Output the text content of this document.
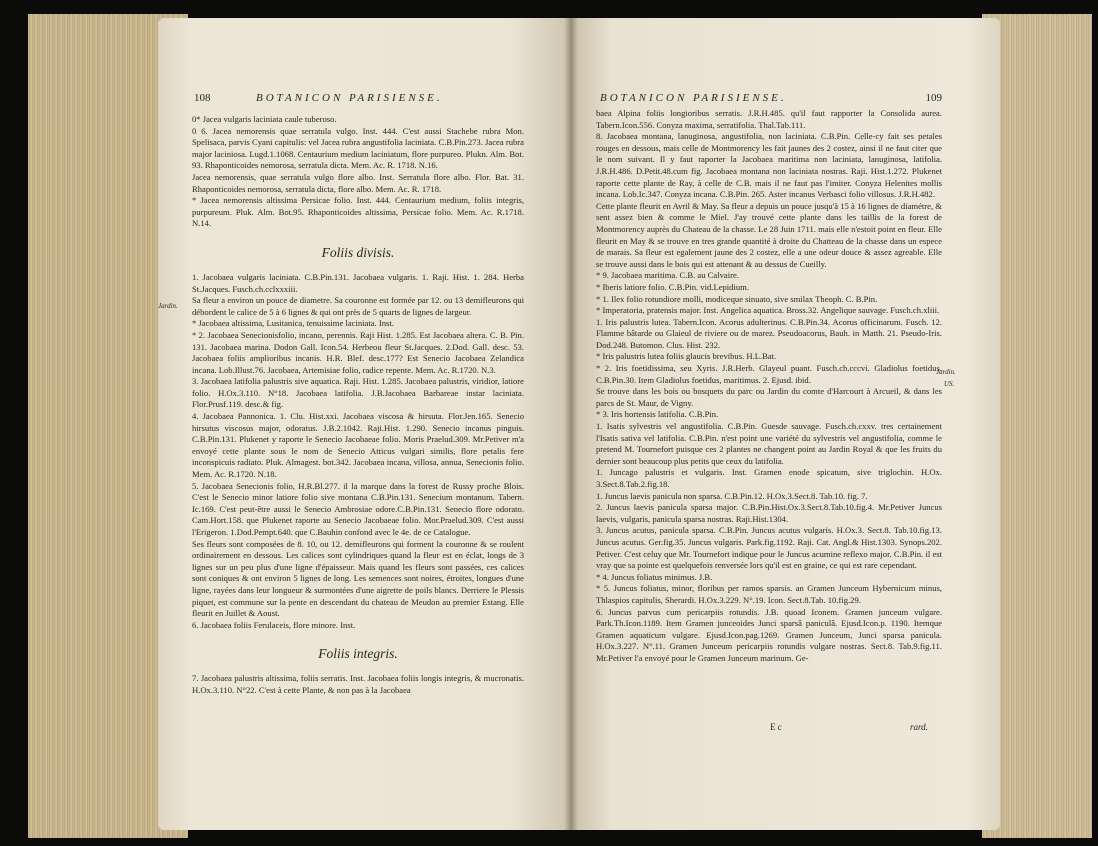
108	BOTANICON PARISIENSE.

0* Jacea vulgaris laciniata caule tuberoso.

0 6. Jacea nemorensis quae serratula vulgo. Inst. 444. C'est aussi Stachebe rubra Mon. Spelisaca, parvis Cyani capitulis: vel Jacea rubra angustifolia laciniata. C.B.Pin.273. Jacea rubra major laciniosa. Lugd.1.1068. Centaurium medium laciniatum, flore purpureo. Plukn. Alm. Bot. 93. Rhaponticoides nemorosa, serratula dicta. Mem. Ac. R. 1718. N.16.

Jacea nemorensis, quae serratula vulgo flore albo. Inst. Serratula flore albo. Flor. Bat. 31. Rhaponticoides nemorosa, serratula dicta, flore albo. Mem. Ac. R. 1718.

* Jacea nemorensis altissima Persicae folio. Inst. 444. Centaurium medium, foliis integris, purpureum. Pluk. Alm. Bot.95. Rhaponticoides altissima, Persicae folio. Mem. Ac. R.1718. N.14.

Foliis divisis.

1. Jacobaea vulgaris laciniata. C.B.Pin.131. Jacobaea vulgaris. 1. Raji. Hist. 1. 284. Herba St.Jacques. Fusch.ch.cclxxxiii.

Sa fleur a environ un pouce de diametre. Sa couronne est formée par 12. ou 13 demifleurons qui débordent le calice de 5 à 6 lignes & qui ont près de 5 quarts de lignes de largeur.

* Jacobaea altissima, Lusitanica, tenuissime laciniata. Inst.

* 2. Jacobaea Senecionisfolio, incano, perennis. Raji Hist. 1.285. Est Jacobaea altera. C. B. Pin. 131. Jacobaea marina. Dodon Gall. Icon.54. Herbeou fleur St.Jacques. 2.Dod. Gall. desc. 53. Jacobaea foliis amplioribus incanis. H.R. Blef. desc.177? Est Senecio Jacobaea Zelandica incana. Lob.Illust.76. Jacobaea, Artemisiae folio, radice repente. Mem. Ac. R.1720. N.3.

3. Jacobaea latifolia palustris sive aquatica. Raji. Hist. 1.285. Jacobaea palustris, viridior, latiore folio. H.Ox.3.110. N°18. Jacobaea latifolia. J.B.Jacobaea Barbareae instar laciniata. Flor.Prusf.119. desc.& fig.

4. Jacobaea Pannonica. 1. Clu. Hist.xxi. Jacobaea viscosa & hirsuta. Flor.Jen.165. Senecio hirsutus viscosus major, odoratus. J.B.2.1042. Raji.Hist. 1.290. Senecio incanus pinguis. C.B.Pin.131. Plukenet y raporte le Senecio Jacobaeae folio. Moris Praelud.309. Mr.Petiver m'a envoyé cette plante sous le nom de Senecio Atticus vulgari similis, flore petalis fere inconspicuis radiato. Pluk. Almagest. bot.342. Jacobaea incana, villosa, annua, Senecionis folio. Mem. Ac. R.1720. N.18.

5. Jacobaea Senecionis folio, H.R.Bl.277. il la marque dans la forest de Russy proche Blois. C'est le Senecio minor latiore folio sive montana C.B.Pin.131. Senecium montanum. Tabern. Ic.169. C'est peut-être aussi le Senecio Ambrosiae odore.C.B.Pin.131. Senecio flore odorato. Cam.Hort.158. que Plukenet raporte au Senecio Jacobaeae folio. Mor.Praelud.309. C'est aussi l'Erigeron. 1.Dod.Pempt.640. que C.Bauhin confond avec le 4e. de ce Catalogue.

Ses fleurs sont composées de 8. 10, ou 12. demifleurons qui forment la couronne & se roulent ordinairement en dessous. Les calices sont cylindriques quand la fleur est en éclat, longs de 3 lignes sur un peu plus d'une ligne d'épaisseur. Mais quand les fleurs sont passées, ces calices sont coniques & ont environ 5 lignes de long. Les semences sont noires, étroites, longues d'une ligne, rayées dans leur longueur & surmontées d'une aigrette de poils blancs. Derriere le Plessis piquet, est commune sur la pente en descendant du chateau de Meudon au premier Estang. Elle fleurit en Juillet & Aoust.

6. Jacobaea foliis Ferulaceis, flore minore. Inst.

Foliis integris.

7. Jacobaea palustris altissima, foliis serratis. Inst. Jacobaea foliis longis integris, & mucronatis. H.Ox.3.110. N°22. C'est à cette Plante, & non pas à la Jacobaea

Jardin.
BOTANICON PARISIENSE.	109

baea Alpina foliis longioribus serratis. J.R.H.485. qu'il faut rapporter la Consolida aurea. Tabern.Icon.556. Conyza maxima, serratifolia. Thal.Tab.111.

8. Jacobaea montana, lanuginosa, angustifolia, non laciniata. C.B.Pin. Celle-cy fait ses petales rouges en dessous, mais celle de Montmorency les fait jaunes des 2 costez, ainsi il ne faut citer que le nom suivant. Il y faut raporter la Jacobaea maritima non laciniata, lanuginosa, latifolia. J.R.H.486. D.Petit.48.cum fig. Jacobaea montana non laciniata nostras. Raji. Hist.1.272. Plukenet raporte cette plante de Ray, à celle de C.B. mais il ne faut pas l'imiter. Conyza Helenites mollis incana. Lob.Ic.347. Conyza incana. C.B.Pin. 265. Aster incanus Verbasci folio villosus. J.R.H.482.

Cette plante fleurit en Avril & May. Sa fleur a depuis un pouce jusqu'à 15 à 16 lignes de diamétre, & sent assez bien & comme le Miel. J'ay trouvé cette plante dans les taillis de la forest de Montmorency auprès du Chateau de la chasse. Le 28 Juin 1711. mais elle n'estoit point en fleur. Elle fleurit en May & se trouve en tres grande quantité à droite du Chatteau de la chasse dans un espece de marais. Sa fleur est egalement jaune des 2 costez, elle a une odeur douce & assez agreable. Elle se trouve aussi dans le bois qui est attenant & au dessus de Cueilly.

* 9. Jacobaea maritima. C.B. au Calvaire.

* Iberis latiore folio. C.B.Pin. vid.Lepidium.

* 1. Ilex folio rotundiore molli, modiceque sinuato, sive smilax Theoph. C. B.Pin.

* Imperatoria, pratensis major. Inst. Angelica aquatica. Bross.32. Angelique sauvage. Fusch.ch.xliii.

1. Iris palustris lutea. Tabern.Icon. Acorus adulterinus. C.B.Pin.34. Acorus officinarum. Fusch. 12. Flamme bâtarde ou Glaieul de riviere ou de marez. Pseudoacorus, Bauh. in Matth. 21. Pseudo-Iris. Dod.248. Butomon. Clus. Hist. 232.

* Iris palustris lutea foliis glaucis brevibus. H.L.Bat.

* 2. Iris foetidissima, seu Xyris. J.R.Herb. Glayeul puant. Fusch.ch.cccvi. Gladiolus foetidus. C.B.Pin.30. Item Gladiolus foetidus, maritimus. 2. Ejusd. ibid.

Se trouve dans les bois ou bosquets du parc ou Jardin du comte d'Harcourt à Arcueil, & dans les parcs de St. Maur, de Vigny.

* 3. Iris hortensis latifolia. C.B.Pin.

1. Isatis sylvestris vel angustifolia. C.B.Pin. Guesde sauvage. Fusch.ch.cxxv. tres certainement l'Isatis sativa vel latifolia. C.B.Pin. n'est point une variété du sylvestris vel angustifolia, comme le pretend M. Tournefort puisque ces 2 plantes ne changent point au Jardin Royal & que les fruits du dernier sont beaucoup plus petits que ceux du latifolia.

1. Juncago palustris et vulgaris. Inst. Gramen enode spicatum, sive triglochin. H.Ox. 3.Sect.8.Tab.2.fig.18.

1. Juncus laevis panicula non sparsa. C.B.Pin.12. H.Ox.3.Sect.8. Tab.10. fig. 7.

2. Juncus laevis panicula sparsa major. C.B.Pin.Hist.Ox.3.Sect.8.Tab.10.fig.4. Mr.Petiver Juncus laevis, vulgaris, panicula sparsa nostras. Raji.Hist.1304.

3. Juncus acutus, panicula sparsa. C.B.Pin. Juncus acutus vulgaris. H.Ox.3. Sect.8. Tab.10.fig.13. Juncus acutus. Ger.fig.35. Juncus vulgaris. Park.fig.1192. Raji. Cat. Angl.& Hist.1303. Synops.202. Petiver. C'est celuy que Mr. Tournefort indique pour le Juncus acumine reflexo major. C.B.Pin. il est vray que sa pointe est quelquefois renversée lors qu'il est en graine, ce qui est rare cependant.

* 4. Juncus foliatus minimus. J.B.

* 5. Juncus foliatus, minor, floribus per ramos sparsis. an Gramen Junceum Hybernicum minus, Thlaspios capitulis, Sherardi. H.Ox.3.229. N°.19. Icon. Sect.8.Tab. 10.fig.29.

6. Juncus parvus cum pericarpiis rotundis. J.B. quoad Iconem. Gramen junceum vulgare. Park.Th.Icon.1189. Item Gramen junceoides Junci sparsâ paniculâ. Ejusd.Icon.p. 1190. Itemque Gramen aquaticum vulgare. Ejusd.Icon.pag.1269. Gramen Junceum, Junci sparsa panicula. H.Ox.3.227. N°.11. Gramen Junceum pericarpiis rotundis vulgare nostras. Sect.8. Tab.9.fig.11. Mr.Petiver l'a envoyé pour le Gramen Junceum marinum. Ge-

E c	rard.
Jardin.
US.
